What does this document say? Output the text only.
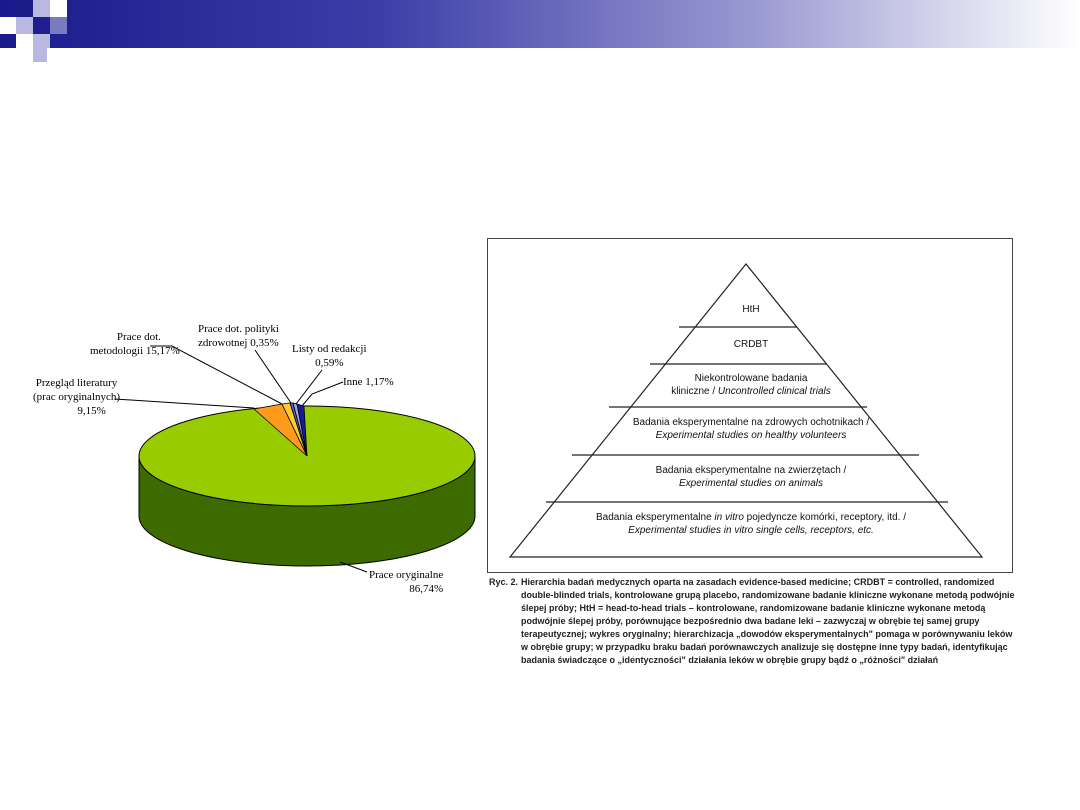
Prace dot.
metodologii 15,17%
Prace dot. polityki
zdrowotnej 0,35% Listy od redakcji
0,59%
Inne 1,17%
Przegląd literatury
(prac oryginalnych)
9,15%
Prace oryginalne
86,74%
HtH
CRDBT
Niekontrolowane badania
kliniczne / Uncontrolled clinical trials
Badania eksperymentalne na zdrowych ochotnikach /
Experimental studies on healthy volunteers
Badania eksperymentalne na zwierzętach /
Experimental studies on animals
Badania eksperymentalne in vitro pojedyncze komórki, receptory, itd. /
Experimental studies in vitro single cells, receptors, etc.
Ryc. 2. Hierarchia badań medycznych oparta na zasadach evidence-based medicine; CRDBT = controlled, randomized double-blinded trials, kontrolowane grupą placebo, randomizowane badanie kliniczne wykonane metodą podwójnie ślepej próby; HtH = head-to-head trials – kontrolowane, randomizowane badanie kliniczne wykonane metodą podwójnie ślepej próby, porównujące bezpośrednio dwa badane leki – zazwyczaj w obrębie tej samej grupy terapeutycznej; wykres oryginalny; hierarchizacja „dowodów eksperymentalnych" pomaga w porównywaniu leków w obrębie grupy; w przypadku braku badań porównawczych analizuje się dostępne inne typy badań, identyfikując badania świadczące o „identyczności" działania leków w obrębie grupy bądź o „różności" działań
